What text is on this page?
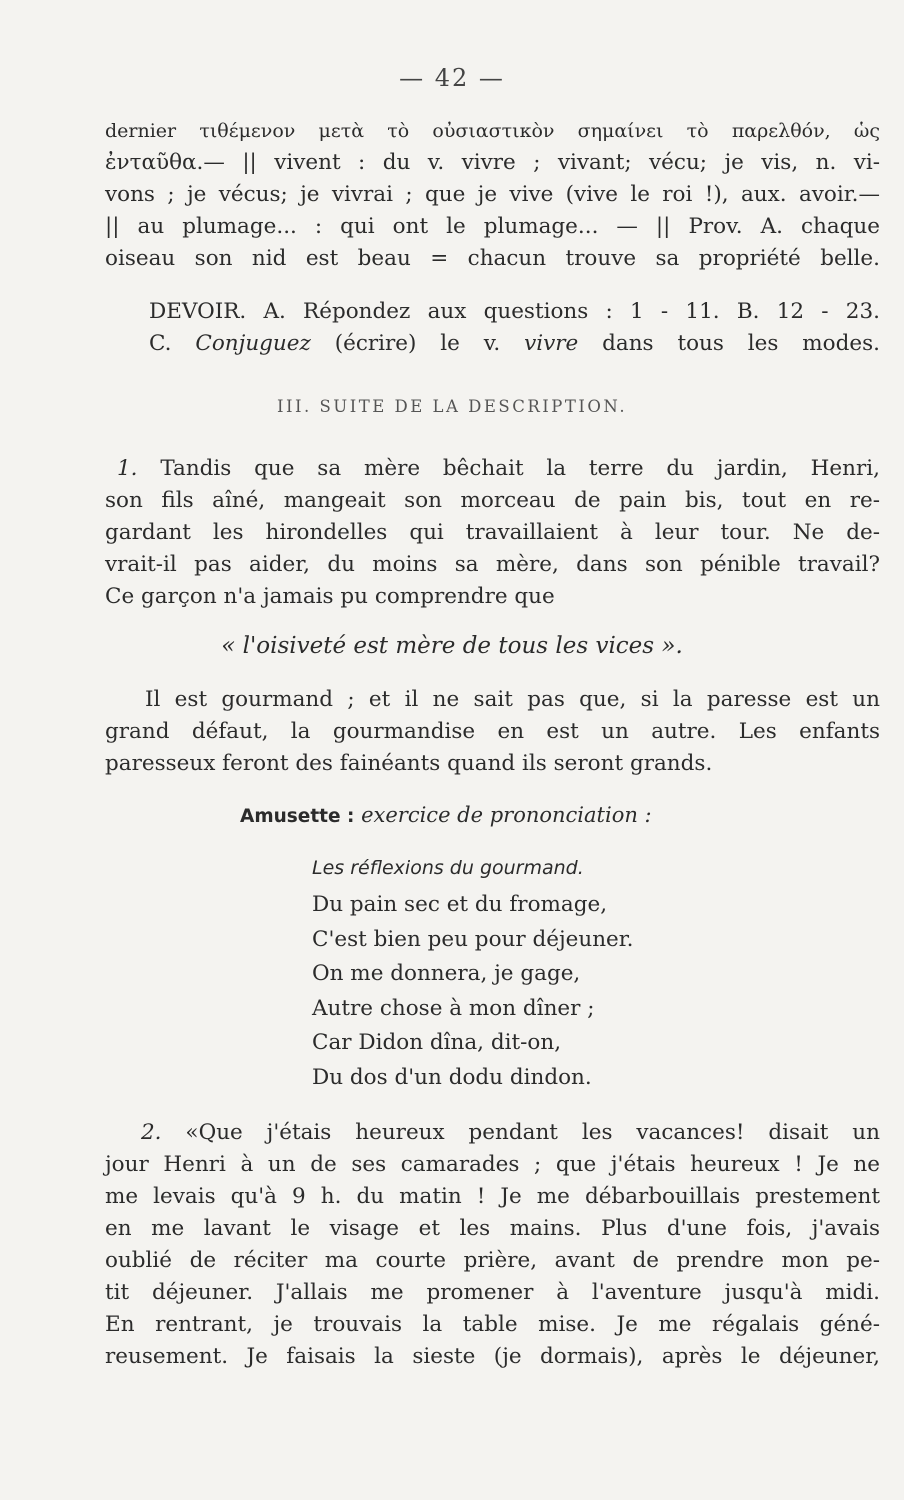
— 42 —
dernier τιθέμενον μετὰ τὸ οὐσιαστικὸν σημαίνει τὸ παρελθόν, ὡς
ἐνταῦθα.— || vivent : du v. vivre ; vivant; vécu; je vis, n. vi-
vons ; je vécus; je vivrai ; que je vive (vive le roi !), aux. avoir.—
|| au plumage... : qui ont le plumage... — || Prov. A. chaque
oiseau son nid est beau = chacun trouve sa propriété belle.
DEVOIR. A. Répondez aux questions : 1 - 11. B. 12 - 23.
C. Conjuguez (écrire) le v. vivre dans tous les modes.
III. SUITE DE LA DESCRIPTION.
1. Tandis que sa mère bêchait la terre du jardin, Henri,
son fils aîné, mangeait son morceau de pain bis, tout en re-
gardant les hirondelles qui travaillaient à leur tour. Ne de-
vrait-il pas aider, du moins sa mère, dans son pénible travail?
Ce garçon n'a jamais pu comprendre que
« l'oisiveté est mère de tous les vices ».
Il est gourmand ; et il ne sait pas que, si la paresse est un
grand défaut, la gourmandise en est un autre. Les enfants
paresseux feront des fainéants quand ils seront grands.
Amusette : exercice de prononciation :
Les réflexions du gourmand.
Du pain sec et du fromage,
C'est bien peu pour déjeuner.
On me donnera, je gage,
Autre chose à mon dîner ;
Car Didon dîna, dit-on,
Du dos d'un dodu dindon.
2. «Que j'étais heureux pendant les vacances! disait un
jour Henri à un de ses camarades ; que j'étais heureux ! Je ne
me levais qu'à 9 h. du matin ! Je me débarbouillais prestement
en me lavant le visage et les mains. Plus d'une fois, j'avais
oublié de réciter ma courte prière, avant de prendre mon pe-
tit déjeuner. J'allais me promener à l'aventure jusqu'à midi.
En rentrant, je trouvais la table mise. Je me régalais géné-
reusement. Je faisais la sieste (je dormais), après le déjeuner,
